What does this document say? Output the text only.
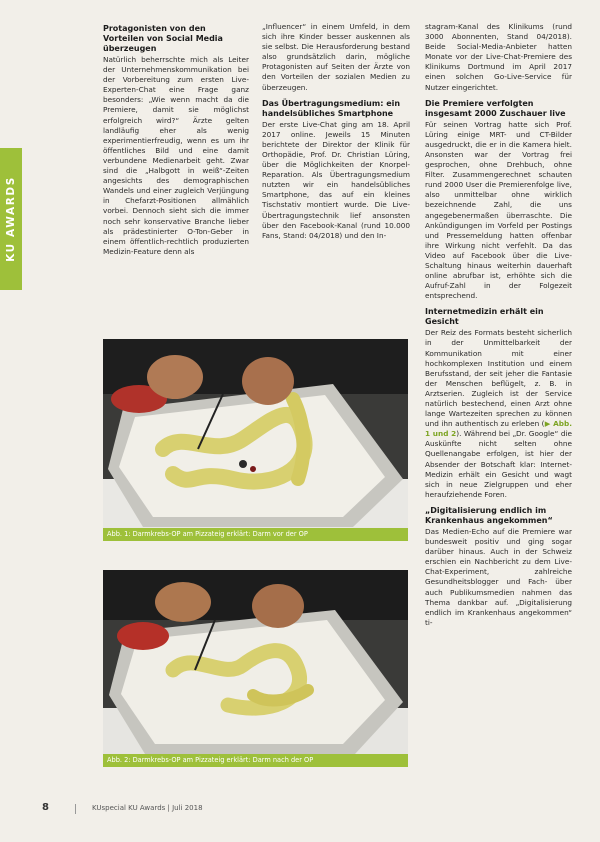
KU AWARDS
Protagonisten von den Vorteilen von Social Media überzeugen

Natürlich beherrschte mich als Leiter der Unternehmenskommunikation bei der Vorbereitung zum ersten Live-Experten-Chat eine Frage ganz besonders: „Wie wenn macht da die Premiere, damit sie möglichst erfolgreich wird?“ Ärzte gelten landläufig eher als wenig experimentierfreudig, wenn es um ihr öffentliches Bild und eine damit verbundene Medienarbeit geht. Zwar sind die „Halbgott in weiß“-Zeiten angesichts des demographischen Wandels und einer zugleich Verjüngung in Chefarzt-Positionen allmählich vorbei. Dennoch sieht sich die immer noch sehr konservative Branche lieber als prädestinierter O-Ton-Geber in einem öffentlich-rechtlich produzierten Medizin-Feature denn als

„Influencer“ in einem Umfeld, in dem sich ihre Kinder besser auskennen als sie selbst. Die Herausforderung bestand also grundsätzlich darin, mögliche Protagonisten auf Seiten der Ärzte von den Vorteilen der sozialen Medien zu überzeugen.

Das Übertragungsmedium: ein handelsübliches Smartphone

Der erste Live-Chat ging am 18. April 2017 online. Jeweils 15 Minuten berichtete der Direktor der Klinik für Orthopädie, Prof. Dr. Christian Lüring, über die Möglichkeiten der Knorpel-Reparation. Als Übertragungsmedium nutzten wir ein handelsübliches Smartphone, das auf ein kleines Tischstativ montiert wurde. Die Live-Übertragungstechnik lief ansonsten über den Facebook-Kanal (rund 10.000 Fans, Stand: 04/2018) und den In-

stagram-Kanal des Klinikums (rund 3000 Abonnenten, Stand 04/2018). Beide Social-Media-Anbieter hatten Monate vor der Live-Chat-Premiere des Klinikums Dortmund im April 2017 einen solchen Go-Live-Service für Nutzer eingerichtet.

Die Premiere verfolgten insgesamt 2000 Zuschauer live

Für seinen Vortrag hatte sich Prof. Lüring einige MRT- und CT-Bilder ausgedruckt, die er in die Kamera hielt. Ansonsten war der Vortrag frei gesprochen, ohne Drehbuch, ohne Filter. Zusammengerechnet schauten rund 2000 User die Premierenfolge live, also unmittelbar ohne wirklich bezeichnende Zahl, die uns angegebenermaßen überraschte. Die Ankündigungen im Vorfeld per Postings und Pressemeldung hatten offenbar ihre Wirkung nicht verfehlt. Da das Video auf Facebook über die Live-Schaltung hinaus weiterhin dauerhaft online abrufbar ist, erhöhte sich die Aufruf-Zahl in der Folgezeit entsprechend.

Internetmedizin erhält ein Gesicht

Der Reiz des Formats besteht sicherlich in der Unmittelbarkeit der Kommunikation mit einer hochkomplexen Institution und einem Berufsstand, der seit jeher die Fantasie der Menschen beflügelt, z. B. in Arztserien. Zugleich ist der Service natürlich bestechend, einen Arzt ohne lange Wartezeiten sprechen zu können und ihn authentisch zu erleben (▶ Abb. 1 und 2). Während bei „Dr. Google“ die Auskünfte nicht selten ohne Quellenangabe erfolgen, ist hier der Absender der Botschaft klar: Internet-Medizin erhält ein Gesicht und wagt sich in neue Zielgruppen und eher heraufziehende Foren.

„Digitalisierung endlich im Krankenhaus angekommen“

Das Medien-Echo auf die Premiere war bundesweit positiv und ging sogar darüber hinaus. Auch in der Schweiz erschien ein Nachbericht zu dem Live-Chat-Experiment, zahlreiche Gesundheitsblogger und Fach- über auch Publikumsmedien nahmen das Thema dankbar auf. „Digitalisierung endlich im Krankenhaus angekommen“ ti-

Abb. 1: Darmkrebs-OP am Pizzateig erklärt: Darm vor der OP
Abb. 2: Darmkrebs-OP am Pizzateig erklärt: Darm nach der OP
8	KUspecial KU Awards | Juli 2018
